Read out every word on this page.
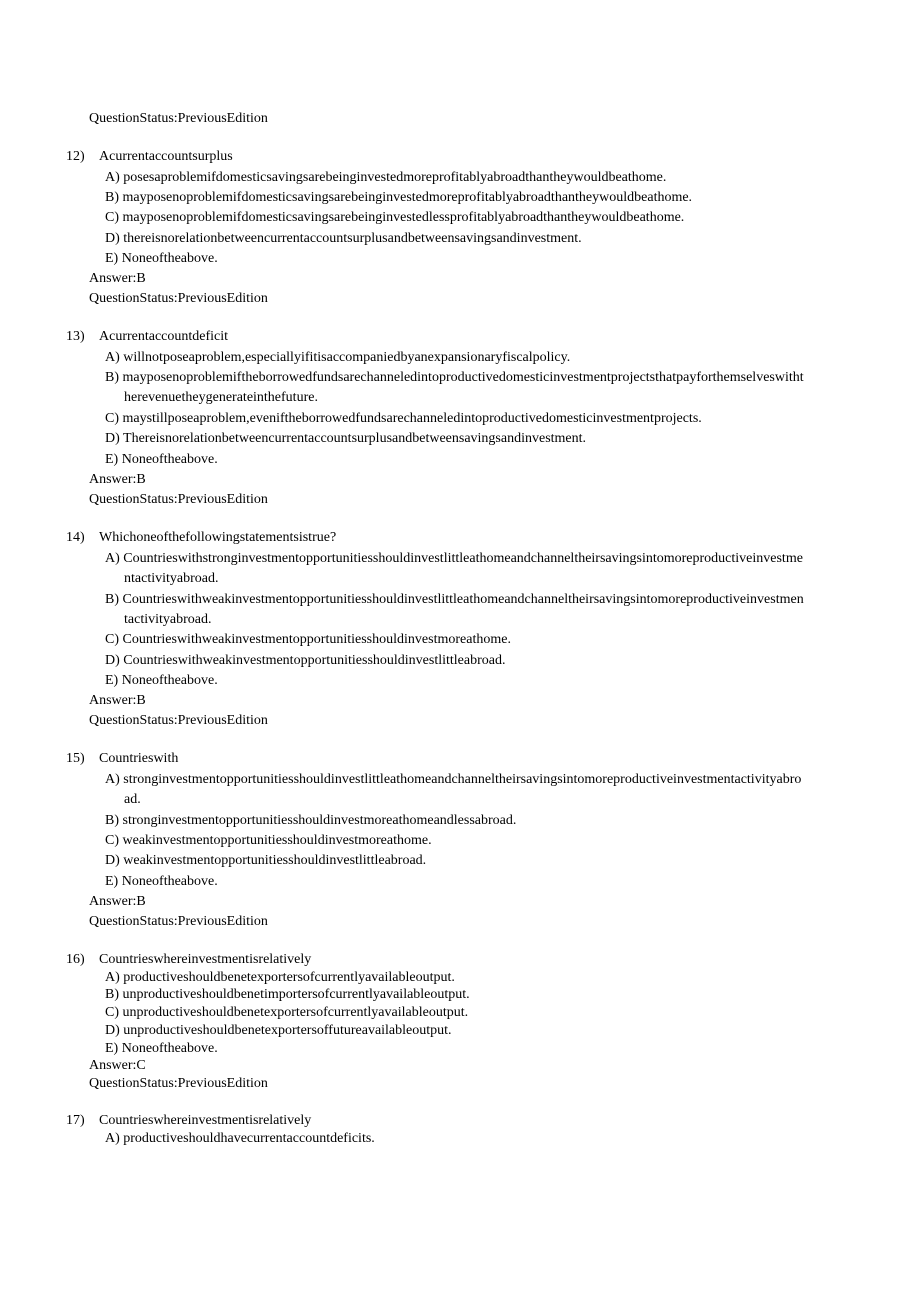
QuestionStatus:PreviousEdition
12) Acurrentaccountsurplus
A) posesaproblemifdomesticsavingsarebeinginvestedmoreprofitablyabroadthantheywouldbeathome.
B) mayposenoproblemifdomesticsavingsarebeinginvestedmoreprofitablyabroadthantheywouldbeathome.
C) mayposenoproblemifdomesticsavingsarebeinginvestedlessprofitablyabroadthantheywouldbeathome.
D) thereisnorelationbetweencurrentaccountsurplusandbetweensavingsandinvestment.
E) Noneoftheabove.
Answer:B
QuestionStatus:PreviousEdition
13) Acurrentaccountdeficit
A) willnotposeaproblem,especiallyifitisaccompaniedbyanexpansionaryfiscalpolicy.
B) mayposenoproblemiftheborrowedfundsarechanneledintoproductivedomesticinvestmentprojectsthatpayforthemselveswitht
herevenuetheygenerateinthefuture.
C) maystillposeaproblem,eveniftheborrowedfundsarechanneledintoproductivedomesticinvestmentprojects.
D) Thereisnorelationbetweencurrentaccountsurplusandbetweensavingsandinvestment.
E) Noneoftheabove.
Answer:B
QuestionStatus:PreviousEdition
14) Whichoneofthefollowingstatementsistrue?
A) Countrieswithstronginvestmentopportunitiesshouldinvestlittleathomeandchanneltheirsavingsintomoreproductiveinvestme
ntactivityabroad.
B) Countrieswithweakinvestmentopportunitiesshouldinvestlittleathomeandchanneltheirsavingsintomoreproductiveinvestmen
tactivityabroad.
C) Countrieswithweakinvestmentopportunitiesshouldinvestmoreathome.
D) Countrieswithweakinvestmentopportunitiesshouldinvestlittleabroad.
E) Noneoftheabove.
Answer:B
QuestionStatus:PreviousEdition
15) Countrieswith
A) stronginvestmentopportunitiesshouldinvestlittleathomeandchanneltheirsavingsintomoreproductiveinvestmentactivityabro
ad.
B) stronginvestmentopportunitiesshouldinvestmoreathomeandlessabroad.
C) weakinvestmentopportunitiesshouldinvestmoreathome.
D) weakinvestmentopportunitiesshouldinvestlittleabroad.
E) Noneoftheabove.
Answer:B
QuestionStatus:PreviousEdition
16) Countrieswhereinvestmentisrelatively
A) productiveshouldbenetexportersofcurrentlyavailableoutput.
B) unproductiveshouldbenetimportersofcurrentlyavailableoutput.
C) unproductiveshouldbenetexportersofcurrentlyavailableoutput.
D) unproductiveshouldbenetexportersoffutureavailableoutput.
E) Noneoftheabove.
Answer:C
QuestionStatus:PreviousEdition
17) Countrieswhereinvestmentisrelatively
A) productiveshouldhavecurrentaccountdeficits.
